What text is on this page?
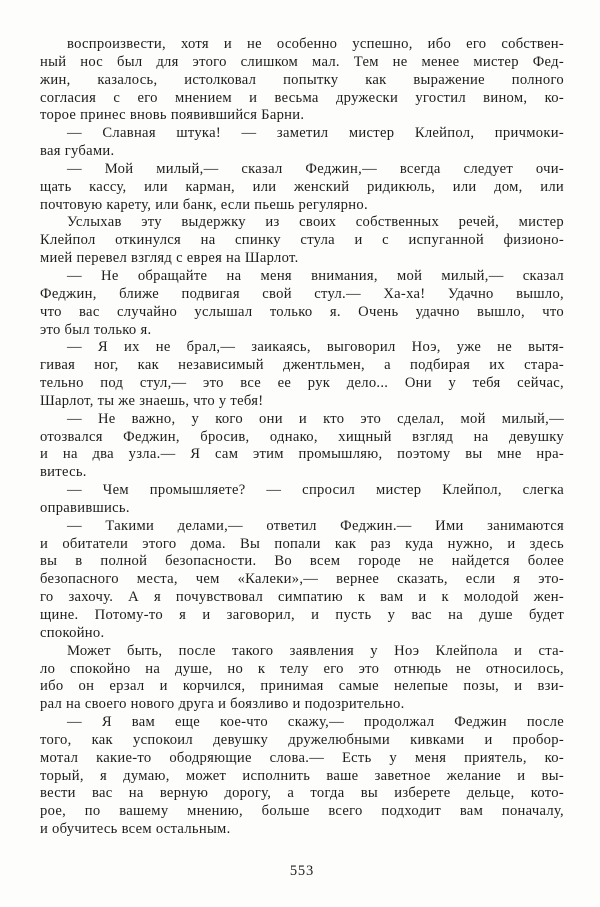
воспроизвести, хотя и не особенно успешно, ибо его собствен-
ный нос был для этого слишком мал. Тем не менее мистер Фед-
жин, казалось, истолковал попытку как выражение полного
согласия с его мнением и весьма дружески угостил вином, ко-
торое принес вновь появившийся Барни.
— Славная штука! — заметил мистер Клейпол, причмоки-
вая губами.
— Мой милый,— сказал Феджин,— всегда следует очи-
щать кассу, или карман, или женский ридикюль, или дом, или
почтовую карету, или банк, если пьешь регулярно.
Услыхав эту выдержку из своих собственных речей, мистер
Клейпол откинулся на спинку стула и с испуганной физионо-
мией перевел взгляд с еврея на Шарлот.
— Не обращайте на меня внимания, мой милый,— сказал
Феджин, ближе подвигая свой стул.— Ха-ха! Удачно вышло,
что вас случайно услышал только я. Очень удачно вышло, что
это был только я.
— Я их не брал,— заикаясь, выговорил Ноэ, уже не вытя-
гивая ног, как независимый джентльмен, а подбирая их стара-
тельно под стул,— это все ее рук дело... Они у тебя сейчас,
Шарлот, ты же знаешь, что у тебя!
— Не важно, у кого они и кто это сделал, мой милый,—
отозвался Феджин, бросив, однако, хищный взгляд на девушку
и на два узла.— Я сам этим промышляю, поэтому вы мне нра-
витесь.
— Чем промышляете? — спросил мистер Клейпол, слегка
оправившись.
— Такими делами,— ответил Феджин.— Ими занимаются
и обитатели этого дома. Вы попали как раз куда нужно, и здесь
вы в полной безопасности. Во всем городе не найдется более
безопасного места, чем «Калеки»,— вернее сказать, если я это-
го захочу. А я почувствовал симпатию к вам и к молодой жен-
щине. Потому-то я и заговорил, и пусть у вас на душе будет
спокойно.
Может быть, после такого заявления у Ноэ Клейпола и ста-
ло спокойно на душе, но к телу его это отнюдь не относилось,
ибо он ерзал и корчился, принимая самые нелепые позы, и взи-
рал на своего нового друга и боязливо и подозрительно.
— Я вам еще кое-что скажу,— продолжал Феджин после
того, как успокоил девушку дружелюбными кивками и пробор-
мотал какие-то ободряющие слова.— Есть у меня приятель, ко-
торый, я думаю, может исполнить ваше заветное желание и вы-
вести вас на верную дорогу, а тогда вы изберете дельце, кото-
рое, по вашему мнению, больше всего подходит вам поначалу,
и обучитесь всем остальным.
553
